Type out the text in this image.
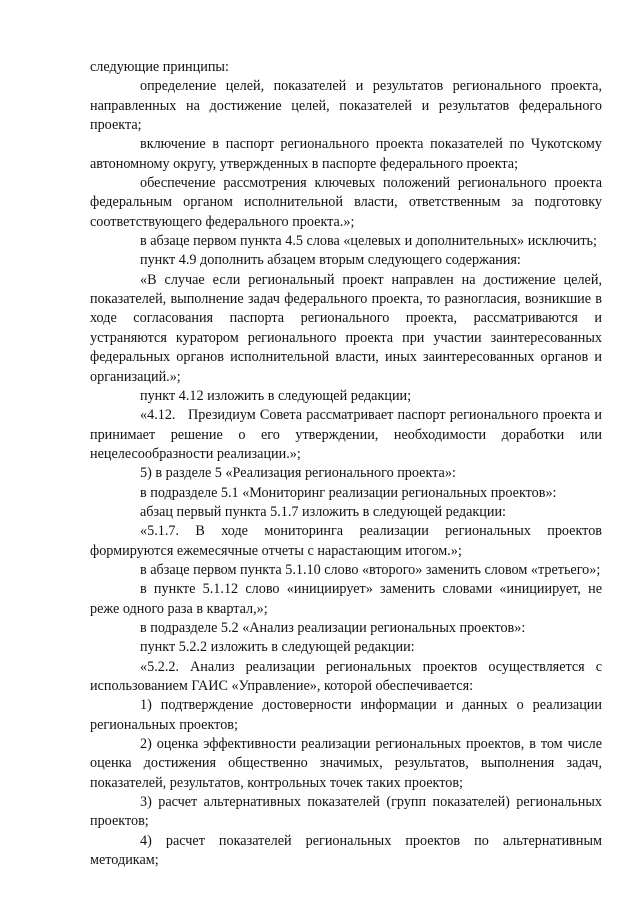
следующие принципы:

определение целей, показателей и результатов регионального проекта, направленных на достижение целей, показателей и результатов федерального проекта;

включение в паспорт регионального проекта показателей по Чукотскому автономному округу, утвержденных в паспорте федерального проекта;

обеспечение рассмотрения ключевых положений регионального проекта федеральным органом исполнительной власти, ответственным за подготовку соответствующего федерального проекта.»;

в абзаце первом пункта 4.5 слова «целевых и дополнительных» исключить;

пункт 4.9 дополнить абзацем вторым следующего содержания:

«В случае если региональный проект направлен на достижение целей, показателей, выполнение задач федерального проекта, то разногласия, возникшие в ходе согласования паспорта регионального проекта, рассматриваются и устраняются куратором регионального проекта при участии заинтересованных федеральных органов исполнительной власти, иных заинтересованных органов и организаций.»;

пункт 4.12 изложить в следующей редакции;

«4.12.   Президиум Совета рассматривает паспорт регионального проекта и принимает решение о его утверждении, необходимости доработки или нецелесообразности реализации.»;

5) в разделе 5 «Реализация регионального проекта»:

в подразделе 5.1 «Мониторинг реализации региональных проектов»:

абзац первый пункта 5.1.7 изложить в следующей редакции:

«5.1.7. В ходе мониторинга реализации региональных проектов формируются ежемесячные отчеты с нарастающим итогом.»;

в абзаце первом пункта 5.1.10 слово «второго» заменить словом «третьего»;

в пункте 5.1.12 слово «инициирует» заменить словами «инициирует, не реже одного раза в квартал,»;

в подразделе 5.2 «Анализ реализации региональных проектов»:

пункт 5.2.2 изложить в следующей редакции:

«5.2.2. Анализ реализации региональных проектов осуществляется с использованием ГАИС «Управление», которой обеспечивается:

1) подтверждение достоверности информации и данных о реализации региональных проектов;

2) оценка эффективности реализации региональных проектов, в том числе оценка достижения общественно значимых, результатов, выполнения задач, показателей, результатов, контрольных точек таких проектов;

3) расчет альтернативных показателей (групп показателей) региональных проектов;

4) расчет показателей региональных проектов по альтернативным методикам;
